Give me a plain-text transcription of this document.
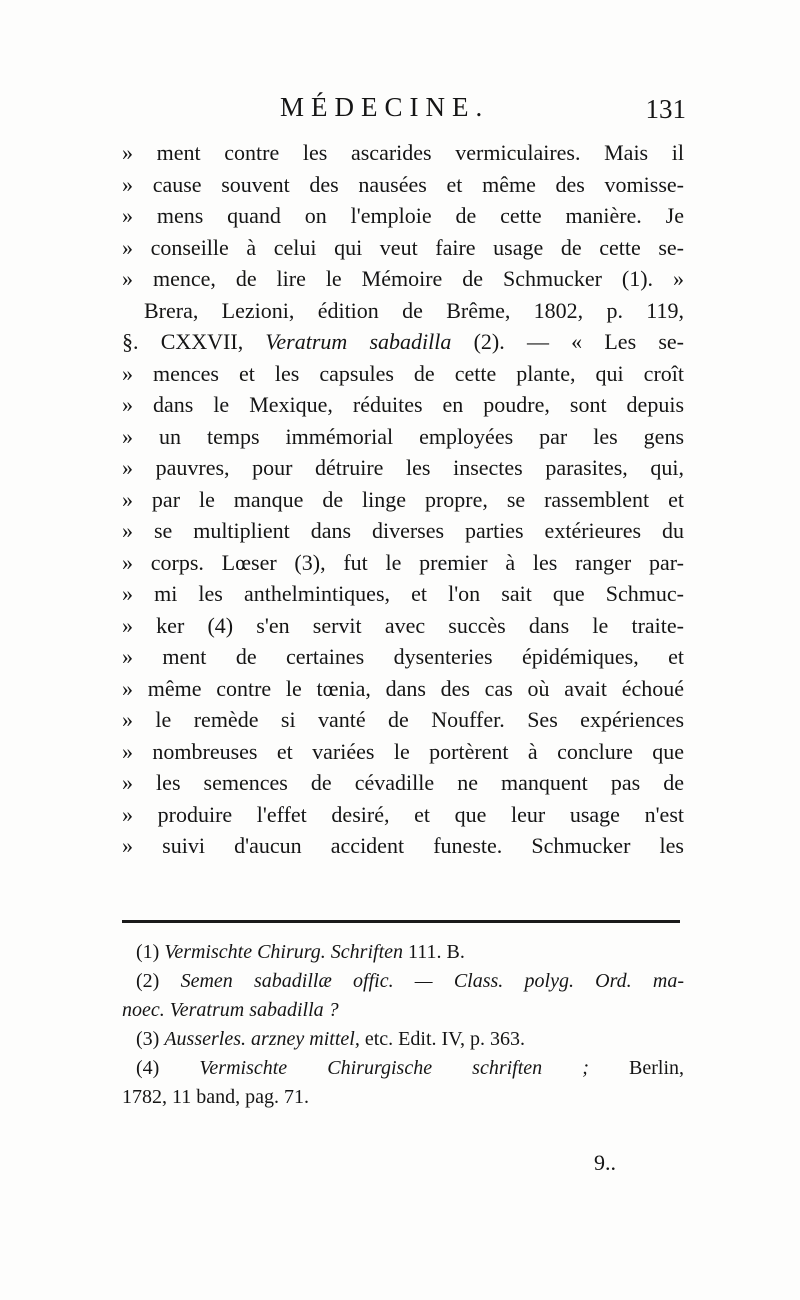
MÉDECINE.	131
» ment contre les ascarides vermiculaires. Mais il
» cause souvent des nausées et même des vomisse-
» mens quand on l'emploie de cette manière. Je
» conseille à celui qui veut faire usage de cette se-
» mence, de lire le Mémoire de Schmucker (1). »
Brera, Lezioni, édition de Brême, 1802, p. 119,
§. CXXVII, Veratrum sabadilla (2). — « Les se-
» mences et les capsules de cette plante, qui croît
» dans le Mexique, réduites en poudre, sont depuis
» un temps immémorial employées par les gens
» pauvres, pour détruire les insectes parasites, qui,
» par le manque de linge propre, se rassemblent et
» se multiplient dans diverses parties extérieures du
» corps. Lœser (3), fut le premier à les ranger par-
» mi les anthelmintiques, et l'on sait que Schmuc-
» ker (4) s'en servit avec succès dans le traite-
» ment de certaines dysenteries épidémiques, et
» même contre le tœnia, dans des cas où avait échoué
» le remède si vanté de Nouffer. Ses expériences
» nombreuses et variées le portèrent à conclure que
» les semences de cévadille ne manquent pas de
» produire l'effet desiré, et que leur usage n'est
» suivi d'aucun accident funeste. Schmucker les
(1) Vermischte Chirurg. Schriften 111. B.
(2) Semen sabadillæ offic. — Class. polyg. Ord. ma-
noec. Veratrum sabadilla ?
(3) Ausserles. arzney mittel, etc. Edit. IV, p. 363.
(4) Vermischte Chirurgische schriften ; Berlin,
1782, 11 band, pag. 71.
9..
